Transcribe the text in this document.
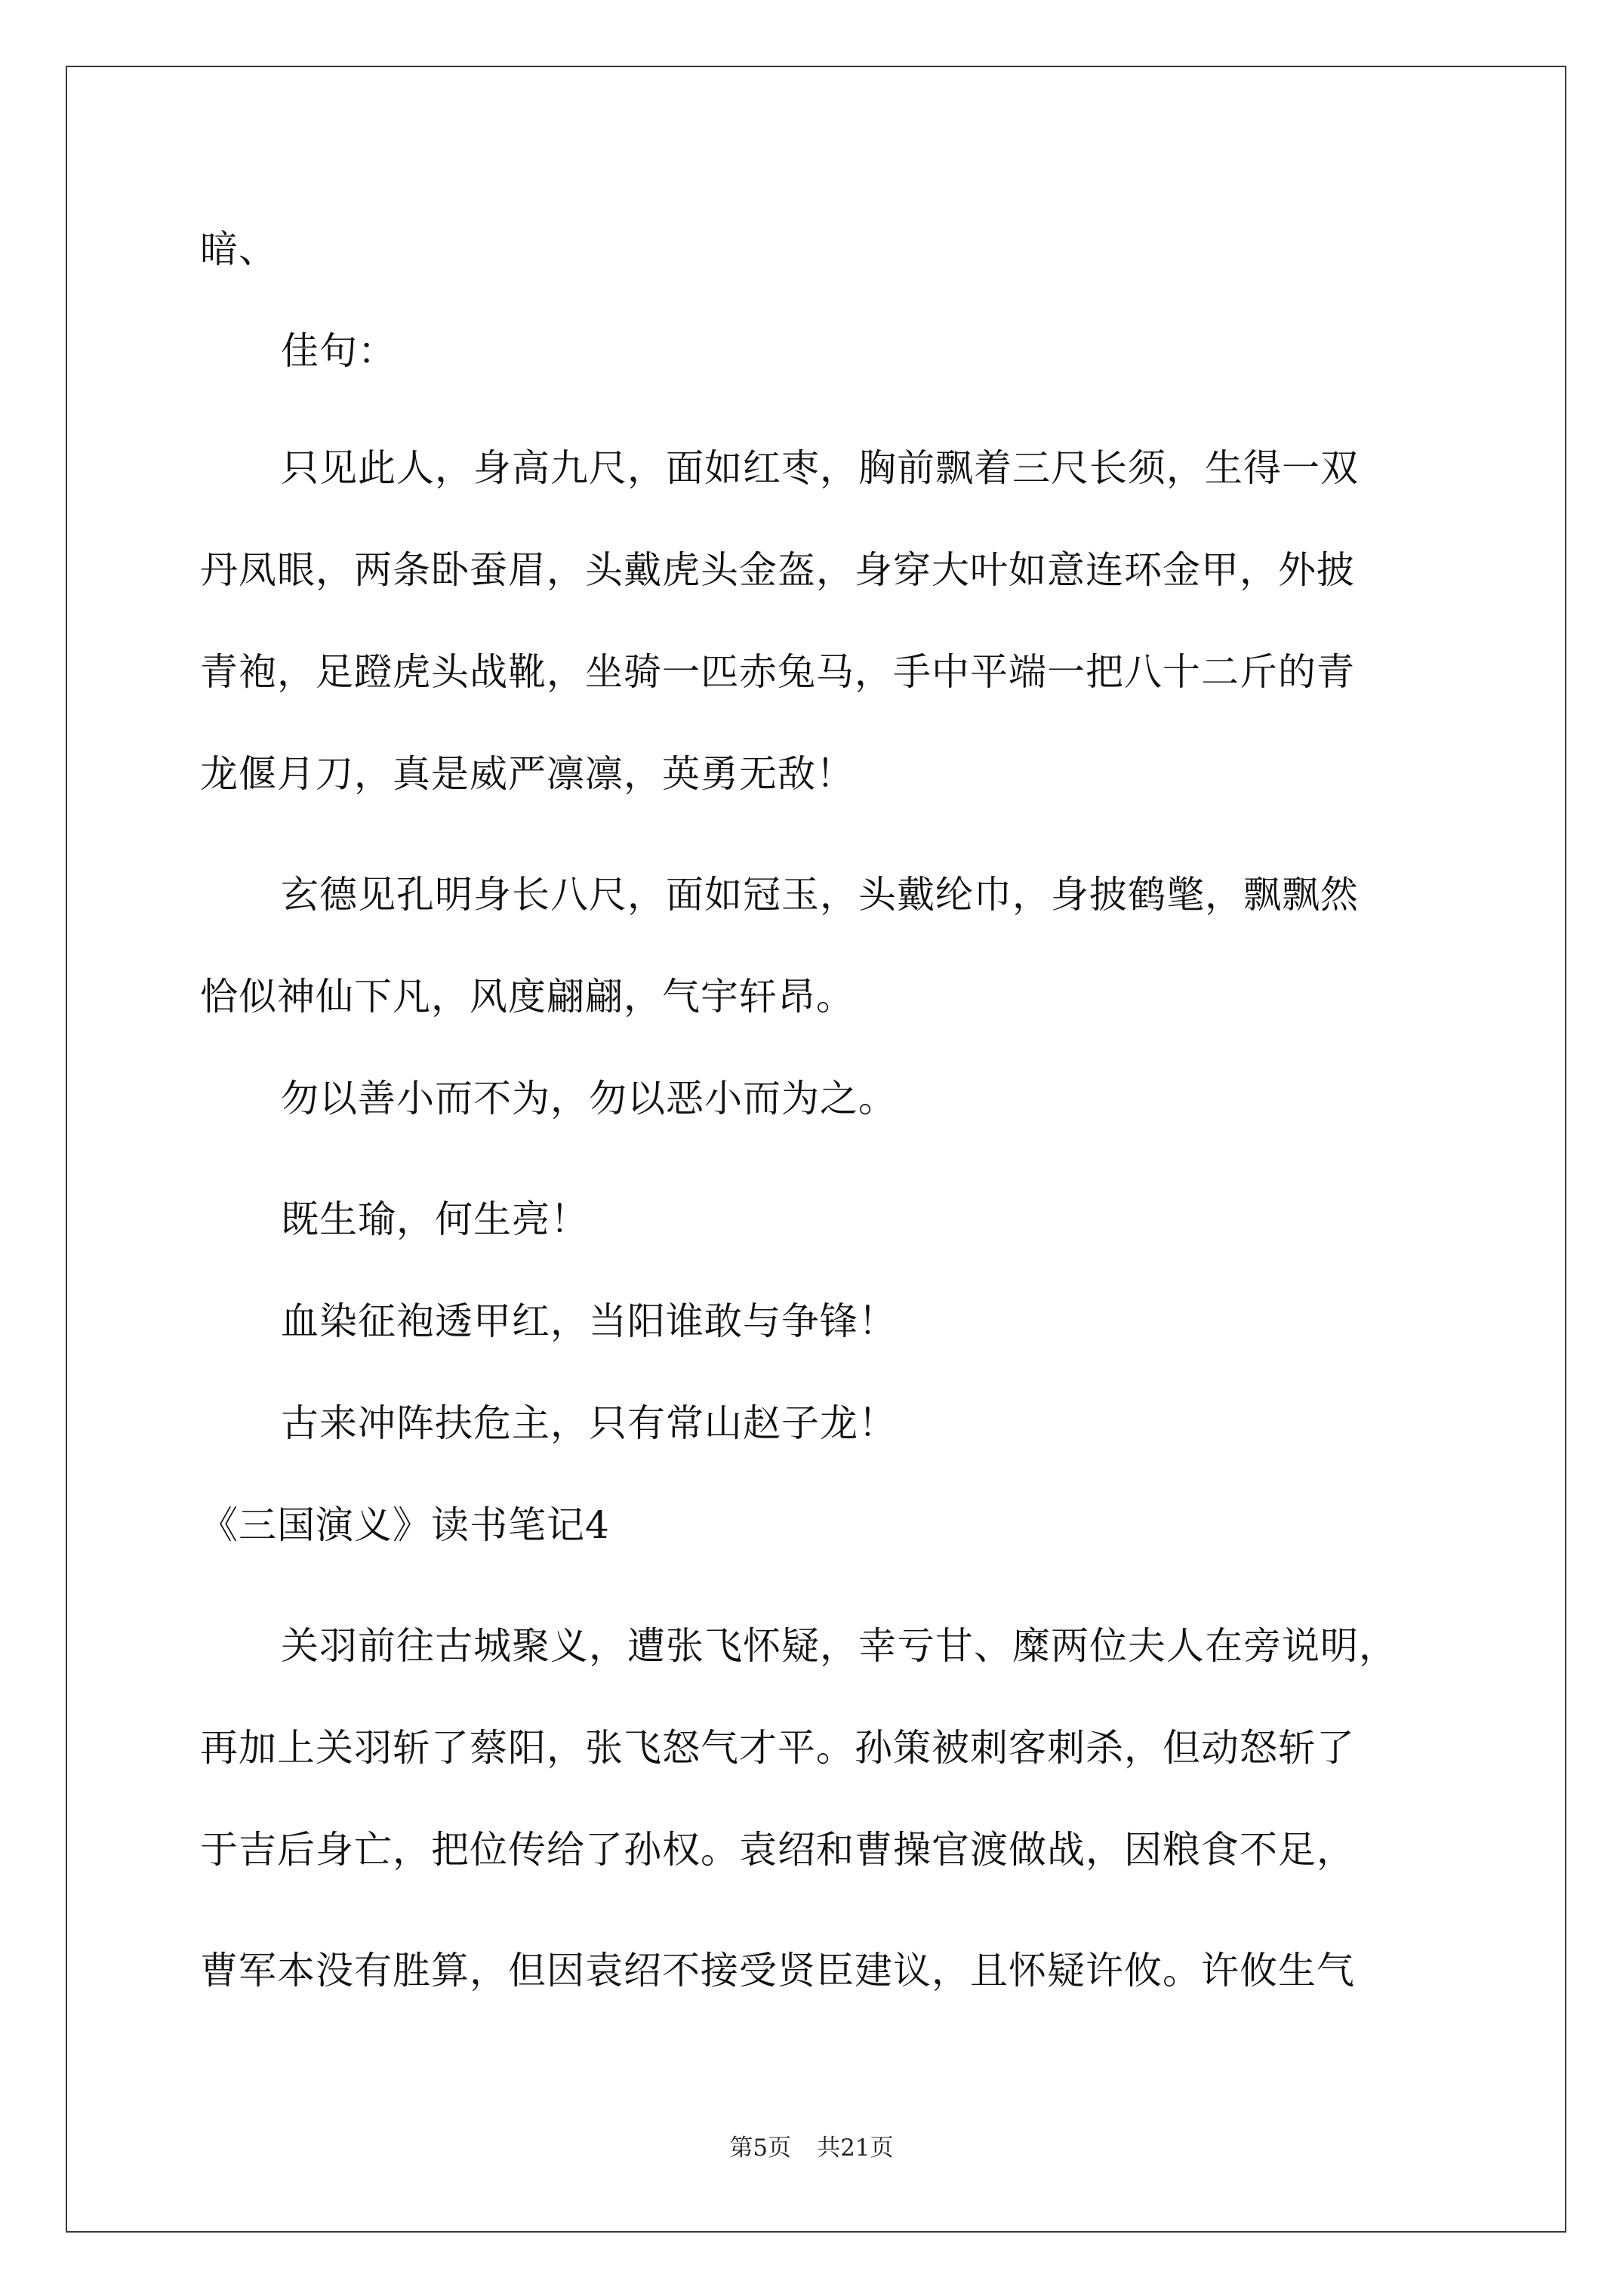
暗、
佳句：
只见此人，身高九尺，面如红枣，胸前飘着三尺长须，生得一双
丹凤眼，两条卧蚕眉，头戴虎头金盔，身穿大叶如意连环金甲，外披
青袍，足蹬虎头战靴，坐骑一匹赤兔马，手中平端一把八十二斤的青
龙偃月刀，真是威严凛凛，英勇无敌！
玄德见孔明身长八尺，面如冠玉，头戴纶巾，身披鹤氅，飘飘然
恰似神仙下凡，风度翩翩，气宇轩昂。
勿以善小而不为，勿以恶小而为之。
既生瑜，何生亮！
血染征袍透甲红，当阳谁敢与争锋！
古来冲阵扶危主，只有常山赵子龙！
《三国演义》读书笔记4
关羽前往古城聚义，遭张飞怀疑，幸亏甘、糜两位夫人在旁说明，
再加上关羽斩了蔡阳，张飞怒气才平。孙策被刺客刺杀，但动怒斩了
于吉后身亡，把位传给了孙权。袁绍和曹操官渡做战，因粮食不足，
曹军本没有胜算，但因袁绍不接受贤臣建议，且怀疑许攸。许攸生气
第5页 共21页
